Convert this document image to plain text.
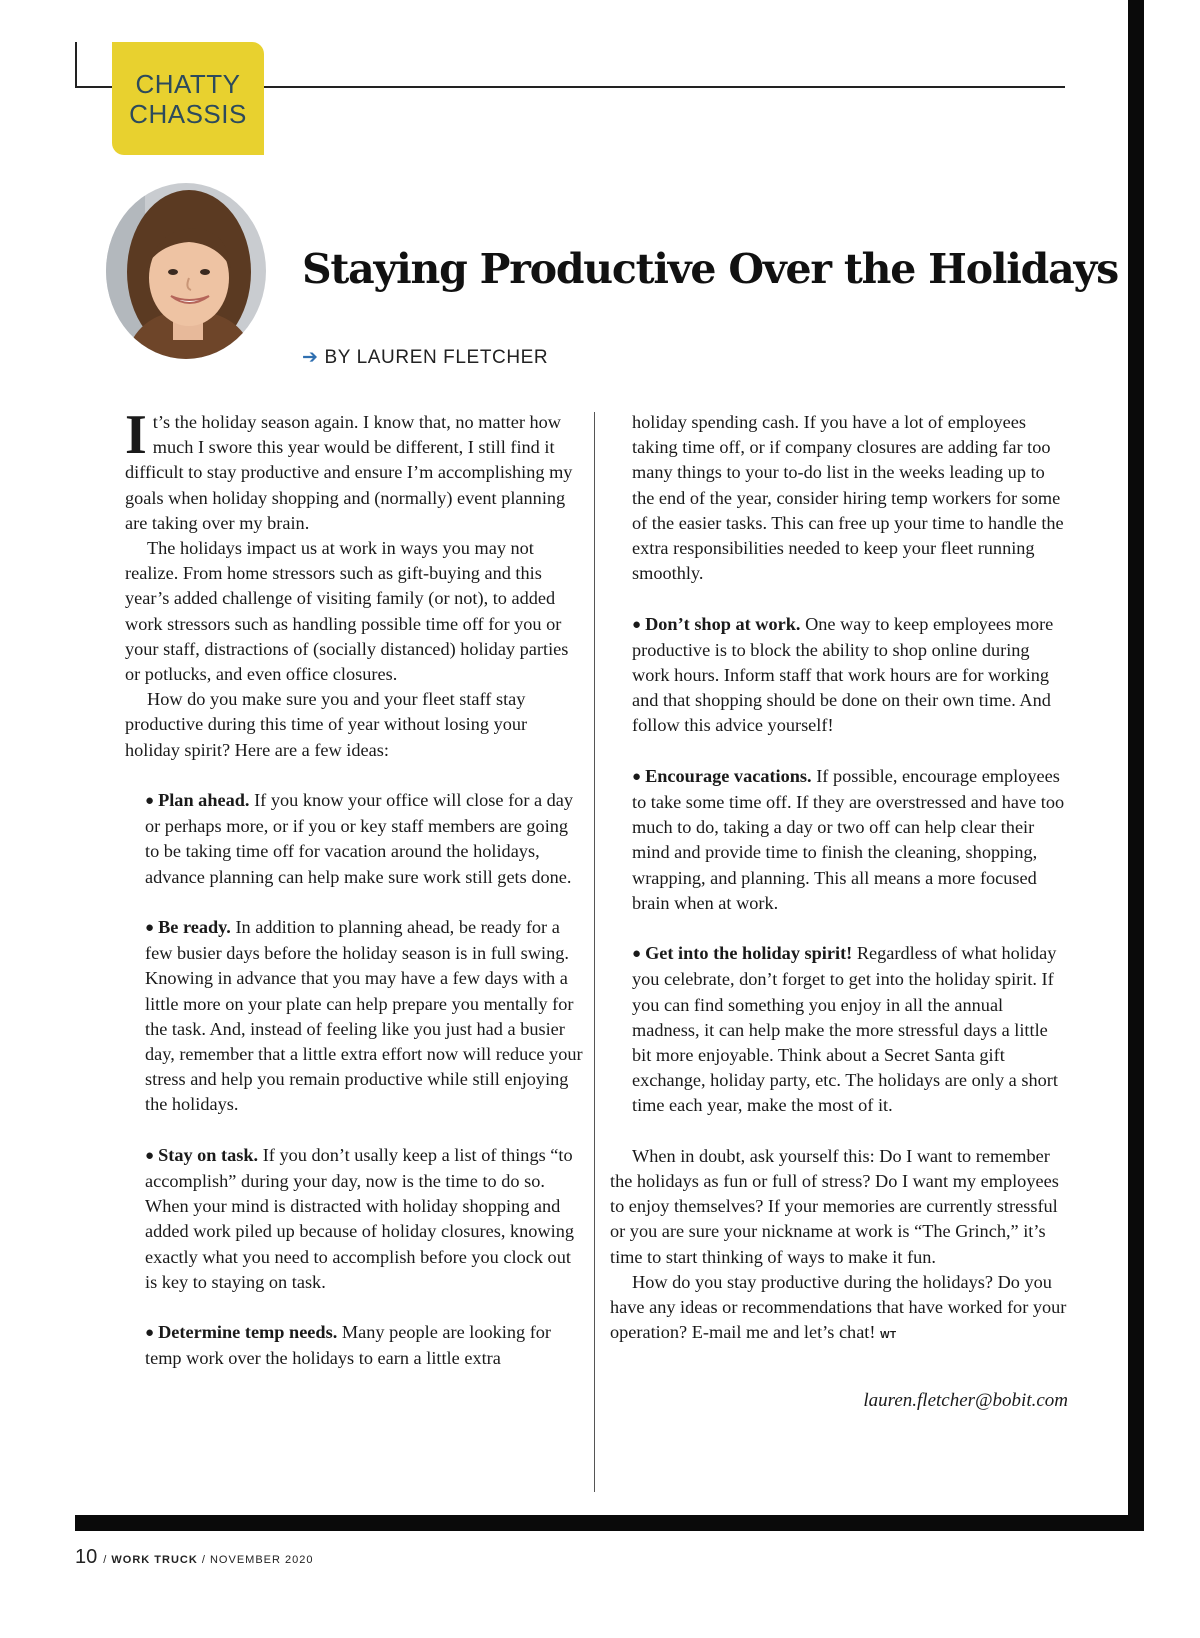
CHATTY
CHASSIS
Staying Productive Over the Holidays
➔ BY LAUREN FLETCHER

It’s the holiday season again. I know that, no matter how much I swore this year would be different, I still find it difficult to stay productive and ensure I’m accomplishing my goals when holiday shopping and (normally) event planning are taking over my brain.

The holidays impact us at work in ways you may not realize. From home stressors such as gift-buying and this year’s added challenge of visiting family (or not), to added work stressors such as handling possible time off for you or your staff, distractions of (socially distanced) holiday parties or potlucks, and even office closures.

How do you make sure you and your fleet staff stay productive during this time of year without losing your holiday spirit? Here are a few ideas:

● Plan ahead. If you know your office will close for a day or perhaps more, or if you or key staff members are going to be taking time off for vacation around the holidays, advance planning can help make sure work still gets done.

● Be ready. In addition to planning ahead, be ready for a few busier days before the holiday season is in full swing. Knowing in advance that you may have a few days with a little more on your plate can help prepare you mentally for the task. And, instead of feeling like you just had a busier day, remember that a little extra effort now will reduce your stress and help you remain productive while still enjoying the holidays.

● Stay on task. If you don’t usally keep a list of things “to accomplish” during your day, now is the time to do so. When your mind is distracted with holiday shopping and added work piled up because of holiday closures, knowing exactly what you need to accomplish before you clock out is key to staying on task.

● Determine temp needs. Many people are looking for temp work over the holidays to earn a little extra

holiday spending cash. If you have a lot of employees taking time off, or if company closures are adding far too many things to your to-do list in the weeks leading up to the end of the year, consider hiring temp workers for some of the easier tasks. This can free up your time to handle the extra responsibilities needed to keep your fleet running smoothly.

● Don’t shop at work. One way to keep employees more productive is to block the ability to shop online during work hours. Inform staff that work hours are for working and that shopping should be done on their own time. And follow this advice yourself!

● Encourage vacations. If possible, encourage employees to take some time off. If they are overstressed and have too much to do, taking a day or two off can help clear their mind and provide time to finish the cleaning, shopping, wrapping, and planning. This all means a more focused brain when at work.

● Get into the holiday spirit! Regardless of what holiday you celebrate, don’t forget to get into the holiday spirit. If you can find something you enjoy in all the annual madness, it can help make the more stressful days a little bit more enjoyable. Think about a Secret Santa gift exchange, holiday party, etc. The holidays are only a short time each year, make the most of it.

When in doubt, ask yourself this: Do I want to remember the holidays as fun or full of stress? Do I want my employees to enjoy themselves? If your memories are currently stressful or you are sure your nickname at work is “The Grinch,” it’s time to start thinking of ways to make it fun.

How do you stay productive during the holidays? Do you have any ideas or recommendations that have worked for your operation? E-mail me and let’s chat! WT

lauren.fletcher@bobit.com
10 / WORK TRUCK / NOVEMBER 2020
